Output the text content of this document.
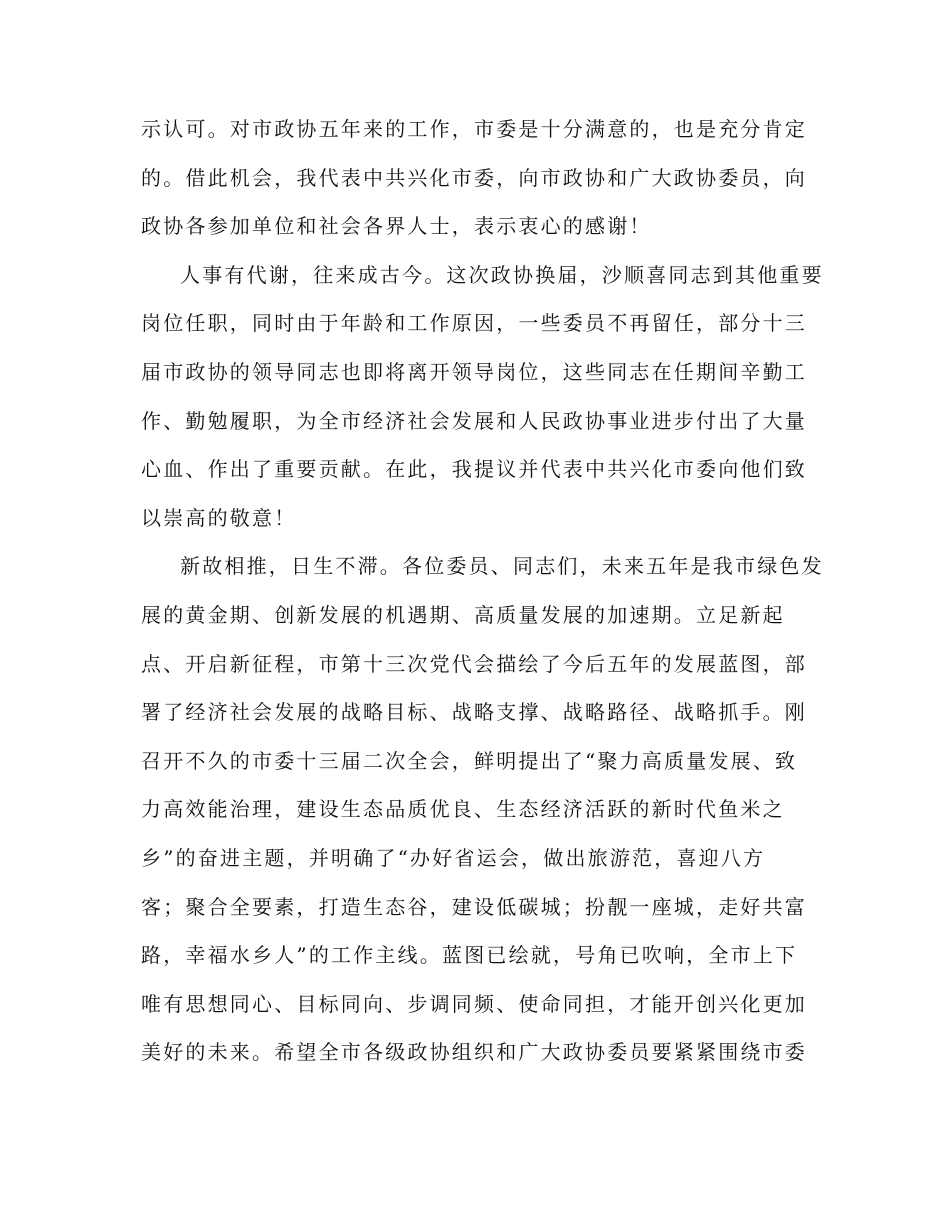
示认可。对市政协五年来的工作，市委是十分满意的，也是充分肯定
的。借此机会，我代表中共兴化市委，向市政协和广大政协委员，向
政协各参加单位和社会各界人士，表示衷心的感谢！
人事有代谢，往来成古今。这次政协换届，沙顺喜同志到其他重要
岗位任职，同时由于年龄和工作原因，一些委员不再留任，部分十三
届市政协的领导同志也即将离开领导岗位，这些同志在任期间辛勤工
作、勤勉履职，为全市经济社会发展和人民政协事业进步付出了大量
心血、作出了重要贡献。在此，我提议并代表中共兴化市委向他们致
以崇高的敬意！
新故相推，日生不滞。各位委员、同志们，未来五年是我市绿色发
展的黄金期、创新发展的机遇期、高质量发展的加速期。立足新起
点、开启新征程，市第十三次党代会描绘了今后五年的发展蓝图，部
署了经济社会发展的战略目标、战略支撑、战略路径、战略抓手。刚
召开不久的市委十三届二次全会，鲜明提出了“聚力高质量发展、致
力高效能治理，建设生态品质优良、生态经济活跃的新时代鱼米之
乡”的奋进主题，并明确了“办好省运会，做出旅游范，喜迎八方
客；聚合全要素，打造生态谷，建设低碳城；扮靓一座城，走好共富
路，幸福水乡人”的工作主线。蓝图已绘就，号角已吹响，全市上下
唯有思想同心、目标同向、步调同频、使命同担，才能开创兴化更加
美好的未来。希望全市各级政协组织和广大政协委员要紧紧围绕市委
